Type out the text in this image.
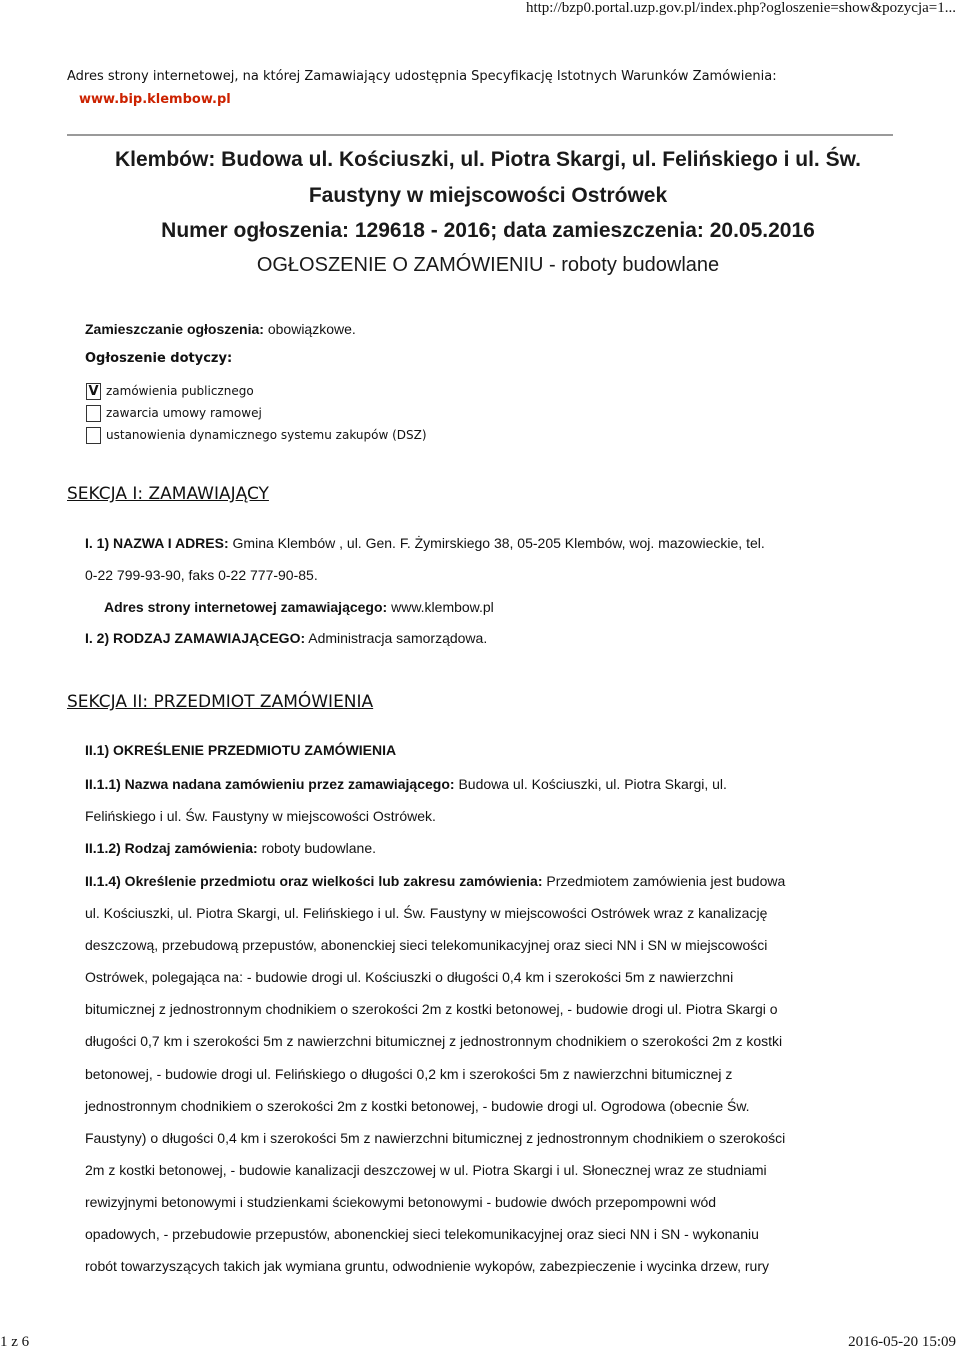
http://bzp0.portal.uzp.gov.pl/index.php?ogloszenie=show&pozycja=1...
Adres strony internetowej, na której Zamawiający udostępnia Specyfikację Istotnych Warunków Zamówienia:
www.bip.klembow.pl
Klembów: Budowa ul. Kościuszki, ul. Piotra Skargi, ul. Felińskiego i ul. Św.
Faustyny w miejscowości Ostrówek
Numer ogłoszenia: 129618 - 2016; data zamieszczenia: 20.05.2016
OGŁOSZENIE O ZAMÓWIENIU - roboty budowlane
Zamieszczanie ogłoszenia: obowiązkowe.
Ogłoszenie dotyczy:
V zamówienia publicznego
zawarcia umowy ramowej
ustanowienia dynamicznego systemu zakupów (DSZ)
SEKCJA I: ZAMAWIAJĄCY
I. 1) NAZWA I ADRES: Gmina Klembów , ul. Gen. F. Żymirskiego 38, 05-205 Klembów, woj. mazowieckie, tel.
0-22 799-93-90, faks 0-22 777-90-85.
Adres strony internetowej zamawiającego: www.klembow.pl
I. 2) RODZAJ ZAMAWIAJĄCEGO: Administracja samorządowa.
SEKCJA II: PRZEDMIOT ZAMÓWIENIA
II.1) OKREŚLENIE PRZEDMIOTU ZAMÓWIENIA
II.1.1) Nazwa nadana zamówieniu przez zamawiającego: Budowa ul. Kościuszki, ul. Piotra Skargi, ul.
Felińskiego i ul. Św. Faustyny w miejscowości Ostrówek.
II.1.2) Rodzaj zamówienia: roboty budowlane.
II.1.4) Określenie przedmiotu oraz wielkości lub zakresu zamówienia: Przedmiotem zamówienia jest budowa
ul. Kościuszki, ul. Piotra Skargi, ul. Felińskiego i ul. Św. Faustyny w miejscowości Ostrówek wraz z kanalizację
deszczową, przebudową przepustów, abonenckiej sieci telekomunikacyjnej oraz sieci NN i SN w miejscowości
Ostrówek, polegająca na: - budowie drogi ul. Kościuszki o długości 0,4 km i szerokości 5m z nawierzchni
bitumicznej z jednostronnym chodnikiem o szerokości 2m z kostki betonowej, - budowie drogi ul. Piotra Skargi o
długości 0,7 km i szerokości 5m z nawierzchni bitumicznej z jednostronnym chodnikiem o szerokości 2m z kostki
betonowej, - budowie drogi ul. Felińskiego o długości 0,2 km i szerokości 5m z nawierzchni bitumicznej z
jednostronnym chodnikiem o szerokości 2m z kostki betonowej, - budowie drogi ul. Ogrodowa (obecnie Św.
Faustyny) o długości 0,4 km i szerokości 5m z nawierzchni bitumicznej z jednostronnym chodnikiem o szerokości
2m z kostki betonowej, - budowie kanalizacji deszczowej w ul. Piotra Skargi i ul. Słonecznej wraz ze studniami
rewizyjnymi betonowymi i studzienkami ściekowymi betonowymi - budowie dwóch przepompowni wód
opadowych, - przebudowie przepustów, abonenckiej sieci telekomunikacyjnej oraz sieci NN i SN - wykonaniu
robót towarzyszących takich jak wymiana gruntu, odwodnienie wykopów, zabezpieczenie i wycinka drzew, rury
1 z 6	2016-05-20 15:09
